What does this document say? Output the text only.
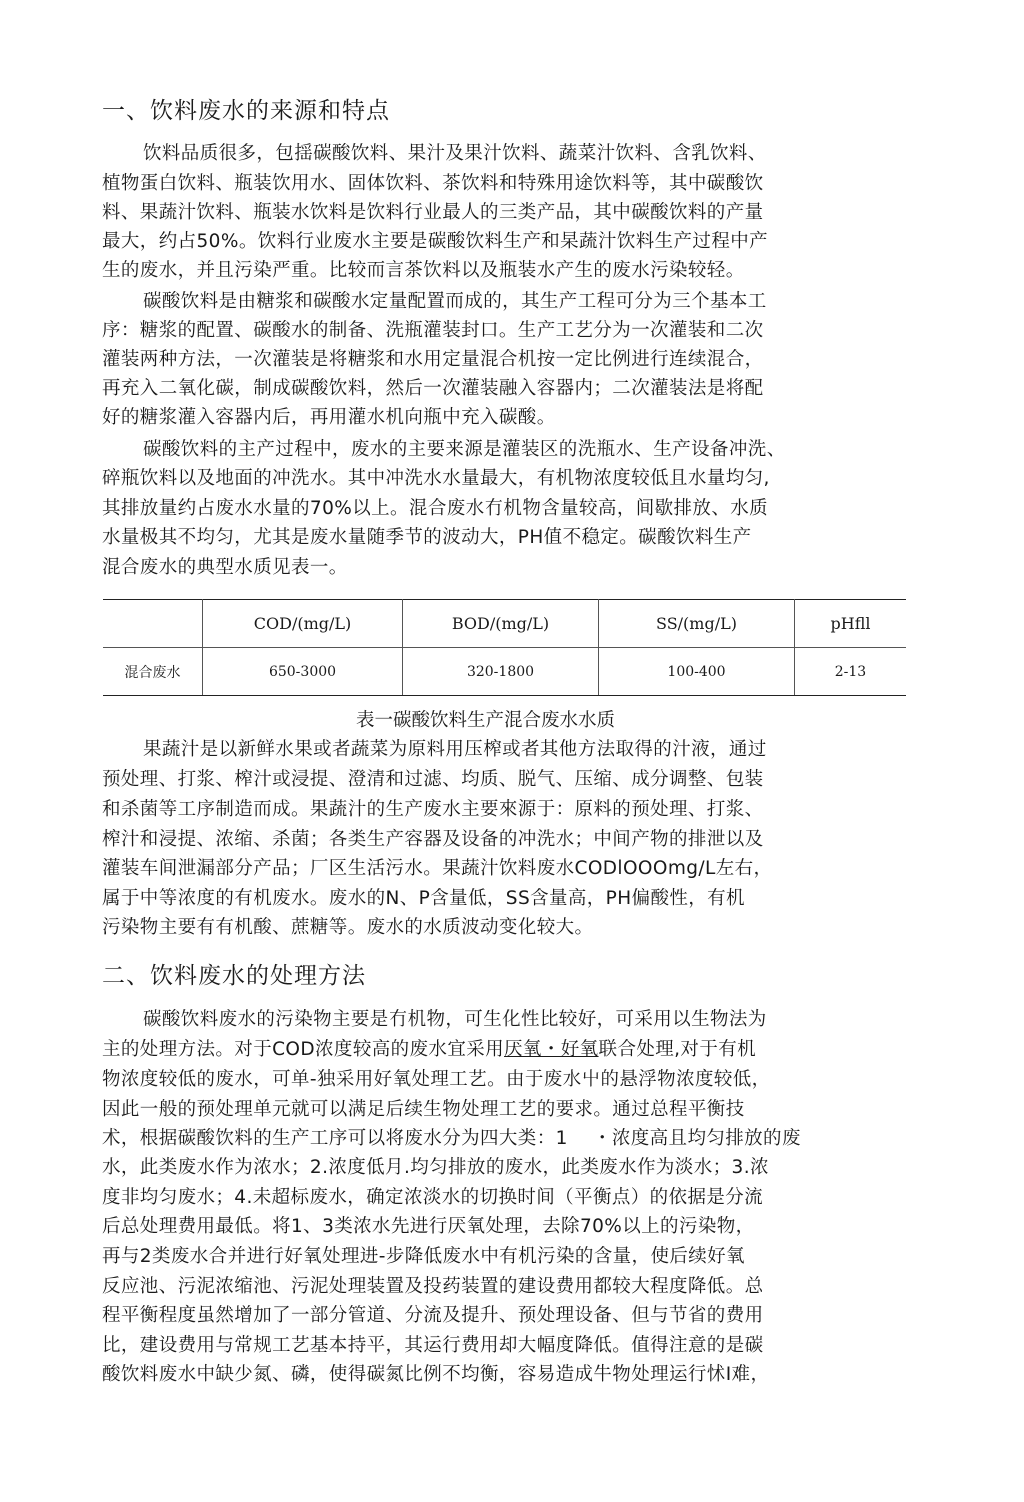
一、饮料废水的来源和特点
饮料品质很多，包揺碳酸饮料、果汁及果汁饮料、蔬菜汁饮料、含乳饮料、
植物蛋白饮料、瓶装饮用水、固体饮料、茶饮料和特殊用途饮料等，其中碳酸饮
料、果蔬汁饮料、瓶装水饮料是饮料行业最人的三类产品，其中碳酸饮料的产量
最大，约占50%。饮料行业废水主要是碳酸饮料生产和杲蔬汁饮料生产过程中产
生的废水，并且污染严重。比较而言茶饮料以及瓶装水产生的废水污染较轻。
碳酸饮料是由糖浆和碳酸水定量配置而成的，其生产工程可分为三个基本工
序：糖浆的配置、碳酸水的制备、洗瓶灌装封口。生产工艺分为一次灌装和二次
灌装两种方法，一次灌装是将糖浆和水用定量混合机按一定比例进行连续混合，
再充入二氧化碳，制成碳酸饮料，然后一次灌装融入容器内；二次灌装法是将配
好的糖浆灌入容器内后，再用灌水机向瓶中充入碳酸。
碳酸饮料的主产过程中，废水的主要来源是灌装区的洗瓶水、生产设备冲洗、
碎瓶饮料以及地面的冲洗水。其中冲洗水水量最大，有机物浓度较低且水量均匀,
其排放量约占废水水量的70%以上。混合废水冇机物含量较高，间歇排放、水质
水量极其不均匀，尤其是废水量随季节的波动大，PH值不稳定。碳酸饮料生产
混合废水的典型水质见表一。
	COD/(mg/L)	BOD/(mg/L)	SS/(mg/L)	pHfll
混合废水	650-3000	320-1800	100-400	2-13
表一碳酸饮料生产混合废水水质
果蔬汁是以新鲜水果或者蔬菜为原料用压榨或者其他方法取得的汁液，通过
预处理、打浆、榨汁或浸提、澄清和过滤、均质、脱气、压缩、成分调整、包装
和杀菌等工序制造而成。果蔬汁的生产废水主要來源于：原料的预处理、打浆、
榨汁和浸提、浓缩、杀菌；各类生产容器及设备的冲洗水；中间产物的排泄以及
灌装车间泄漏部分产品；厂区生活污水。果蔬汁饮料废水CODlOOOmg/L左右，
属于中等浓度的有机废水。废水的N、P含量低，SS含量高，PH偏酸性，有机
污染物主要有有机酸、蔗糖等。废水的水质波动变化较大。
二、饮料废水的处理方法
碳酸饮料废水的污染物主要是冇机物，可生化性比较好，可采用以生物法为
主的处理方法。对于COD浓度较高的废水宜采用厌氧・好氧联合处理,对于有机
物浓度较低的废水，可单-独采用好氧处理工艺。由于废水屮的悬浮物浓度较低，
因此一般的预处理单元就可以满足后续生物处理工艺的要求。通过总程平衡技
术，根据碳酸饮料的生产工序可以将废水分为四大类：1　 ・浓度高且均匀排放的废
水，此类废水作为浓水；2.浓度低月.均匀排放的废水，此类废水作为淡水；3.浓
度非均匀废水；4.未超标废水，确定浓淡水的切换时间（平衡点）的依据是分流
后总处理费用最低。将1、3类浓水先进行厌氧处理，去除70%以上的污染物，
再与2类废水合并进行好氧处理进-步降低废水中有机污染的含量，使后续好氧
反应池、污泥浓缩池、污泥处理装置及投药装置的建设费用都较大程度降低。总
程平衡程度虽然增加了一部分管道、分流及提升、预处理设备、但与节省的费用
比，建设费用与常规工艺基本持平，其运行费用却大幅度降低。值得注意的是碳
酸饮料废水中缺少氮、磷，使得碳氮比例不均衡，容易造成牛物处理运行怵I难，
